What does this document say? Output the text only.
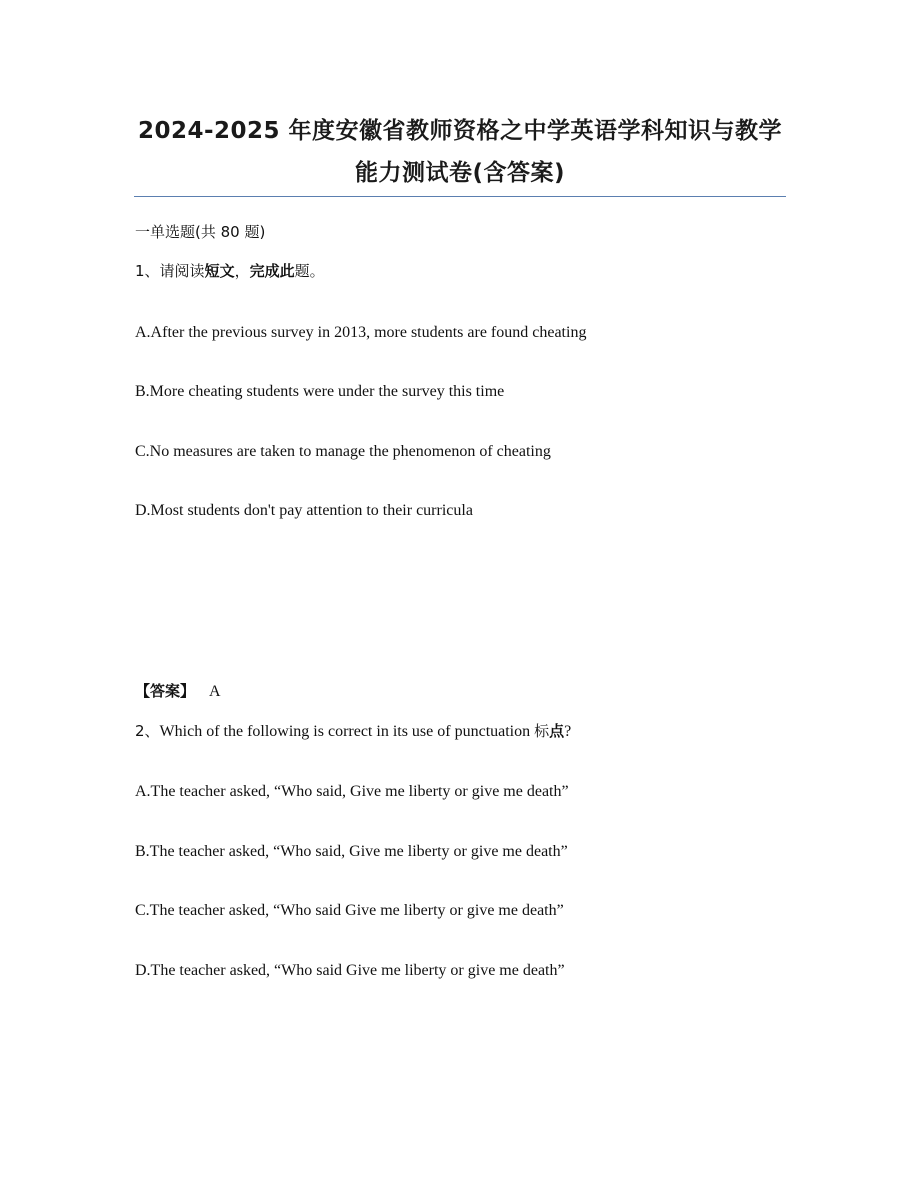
2024-2025 年度安徽省教师资格之中学英语学科知识与教学
能力测试卷(含答案)
一单选题(共 80 题)
1、请阅读短文，完成此题。
A.After the previous survey in 2013, more students are found cheating
B.More cheating students were under the survey this time
C.No measures are taken to manage the phenomenon of cheating
D.Most students don't pay attention to their curricula
【答案】 A
2、Which of the following is correct in its use of punctuation 标点?
A.The teacher asked, “Who said, Give me liberty or give me death”
B.The teacher asked, “Who said, Give me liberty or give me death”
C.The teacher asked, “Who said Give me liberty or give me death”
D.The teacher asked, “Who said Give me liberty or give me death”
